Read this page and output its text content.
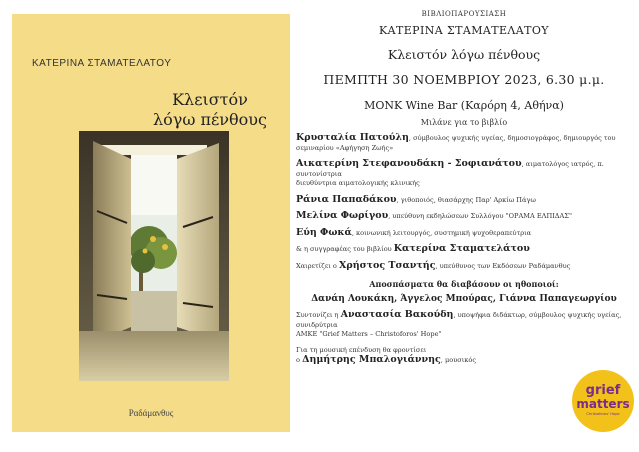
ΚΑΤΕΡΙΝΑ ΣΤΑΜΑΤΕΛΑΤΟΥ
Κλειστόν
λόγω πένθους
Ραδάμανθυς
ΒΙΒΛΙΟΠΑΡΟΥΣΙΑΣΗ
ΚΑΤΕΡΙΝΑ ΣΤΑΜΑΤΕΛΑΤΟΥ
Κλειστόν λόγω πένθους
ΠΕΜΠΤΗ 30 ΝΟΕΜΒΡΙΟΥ 2023, 6.30 μ.μ.
MONK Wine Bar (Καρόρη 4, Αθήνα)
Μιλάνε για το βιβλίο
Κρυσταλία Πατούλη, σύμβουλος ψυχικής υγείας, δημοσιογράφος, δημιουργός του
σεμιναρίου «Αφήγηση Ζωής»
Αικατερίνη Στεφανουδάκη - Σοφιανάτου, αιματολόγος ιατρός, π. συντονίστρια
διευθύντρια αιματολογικής κλινικής
Ράνια Παπαδάκου, γιθοποιός, θιασάρχης Παρ' Αρκίω Πάγω
Μελίνα Φωρίγου, υπεύθυνη εκδηλώσεων Συλλόγου "ΟΡΑΜΑ ΕΛΠΙΔΑΣ"
Εύη Φωκά, κοινωνική λειτουργός, συστημική ψυχοθεραπεύτρια
& η συγγραφέας του βιβλίου Κατερίνα Σταματελάτου
Χαιρετίζει ο Χρήστος Τσαντής, υπεύθυνος των Εκδόσεων Ραδάμανθυς
Αποσπάσματα θα διαβάσουν οι ηθοποιοί:
Δανάη Λουκάκη, Άγγελος Μπούρας, Γιάννα Παπαγεωργίου
Συντονίζει η Αναστασία Βακούδη, υποψήφια διδάκτωρ, σύμβουλος ψυχικής υγείας, συνιδρύτρια
ΑΜΚΕ "Grief Matters – Christoforos' Hope"
Για τη μουσική επένδυση θα φροντίσει
ο Δημήτρης Μπαλογιάννης, μουσικός
grief
matters
Christoforos' Hope
